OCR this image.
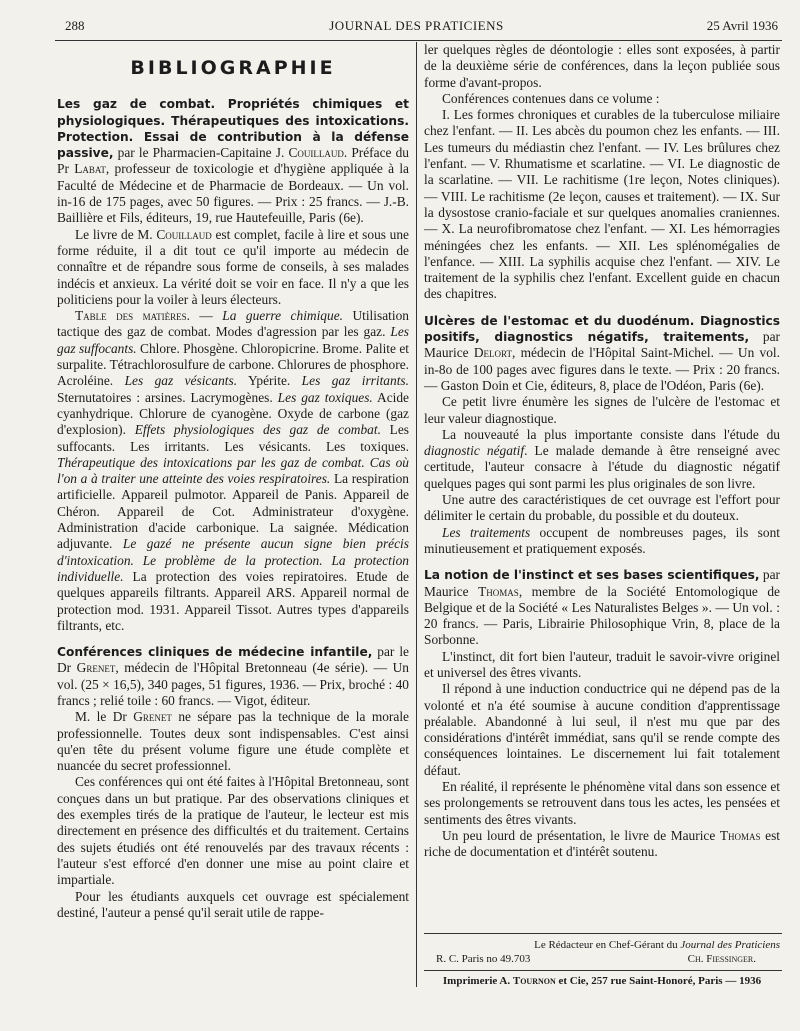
288	JOURNAL DES PRATICIENS	25 Avril 1936
BIBLIOGRAPHIE

Les gaz de combat. Propriétés chimiques et physiologiques. Thérapeutiques des intoxications. Protection. Essai de contribution à la défense passive, par le Pharmacien-Capitaine J. Couillaud. Préface du Pr Labat, professeur de toxicologie et d'hygiène appliquée à la Faculté de Médecine et de Pharmacie de Bordeaux. — Un vol. in-16 de 175 pages, avec 50 figures. — Prix : 25 francs. — J.-B. Baillière et Fils, éditeurs, 19, rue Hautefeuille, Paris (6e).

Le livre de M. Couillaud est complet, facile à lire et sous une forme réduite, il a dit tout ce qu'il importe au médecin de connaître et de répandre sous forme de conseils, à ses malades indécis et anxieux. La vérité doit se voir en face. Il n'y a que les politiciens pour la voiler à leurs électeurs.

Table des matières. — La guerre chimique. Utilisation tactique des gaz de combat. Modes d'agression par les gaz. Les gaz suffocants. Chlore. Phosgène. Chloropicrine. Brome. Palite et surpalite. Tétrachlorosulfure de carbone. Chlorures de phosphore. Acroléine. Les gaz vésicants. Ypérite. Les gaz irritants. Sternutatoires : arsines. Lacrymogènes. Les gaz toxiques. Acide cyanhydrique. Chlorure de cyanogène. Oxyde de carbone (gaz d'explosion). Effets physiologiques des gaz de combat. Les suffocants. Les irritants. Les vésicants. Les toxiques. Thérapeutique des intoxications par les gaz de combat. Cas où l'on a à traiter une atteinte des voies respiratoires. La respiration artificielle. Appareil pulmotor. Appareil de Panis. Appareil de Chéron. Appareil de Cot. Administrateur d'oxygène. Administration d'acide carbonique. La saignée. Médication adjuvante. Le gazé ne présente aucun signe bien précis d'intoxication. Le problème de la protection. La protection individuelle. La protection des voies repiratoires. Etude de quelques appareils filtrants. Appareil ARS. Appareil normal de protection mod. 1931. Appareil Tissot. Autres types d'appareils filtrants, etc.

Conférences cliniques de médecine infantile, par le Dr Grenet, médecin de l'Hôpital Bretonneau (4e série). — Un vol. (25 × 16,5), 340 pages, 51 figures, 1936. — Prix, broché : 40 francs ; relié toile : 60 francs. — Vigot, éditeur.

M. le Dr Grenet ne sépare pas la technique de la morale professionnelle. Toutes deux sont indispensables. C'est ainsi qu'en tête du présent volume figure une étude complète et nuancée du secret professionnel.

Ces conférences qui ont été faites à l'Hôpital Bretonneau, sont conçues dans un but pratique. Par des observations cliniques et des exemples tirés de la pratique de l'auteur, le lecteur est mis directement en présence des difficultés et du traitement. Certains des sujets étudiés ont été renouvelés par des travaux récents : l'auteur s'est efforcé d'en donner une mise au point claire et impartiale.

Pour les étudiants auxquels cet ouvrage est spécialement destiné, l'auteur a pensé qu'il serait utile de rappe-

ler quelques règles de déontologie : elles sont exposées, à partir de la deuxième série de conférences, dans la leçon publiée sous forme d'avant-propos.

Conférences contenues dans ce volume :

I. Les formes chroniques et curables de la tuberculose miliaire chez l'enfant. — II. Les abcès du poumon chez les enfants. — III. Les tumeurs du médiastin chez l'enfant. — IV. Les brûlures chez l'enfant. — V. Rhumatisme et scarlatine. — VI. Le diagnostic de la scarlatine. — VII. Le rachitisme (1re leçon, Notes cliniques). — VIII. Le rachitisme (2e leçon, causes et traitement). — IX. Sur la dysostose cranio-faciale et sur quelques anomalies craniennes. — X. La neurofibromatose chez l'enfant. — XI. Les hémorragies méningées chez les enfants. — XII. Les splénomégalies de l'enfance. — XIII. La syphilis acquise chez l'enfant. — XIV. Le traitement de la syphilis chez l'enfant. Excellent guide en chacun des chapitres.

Ulcères de l'estomac et du duodénum. Diagnostics positifs, diagnostics négatifs, traitements, par Maurice Delort, médecin de l'Hôpital Saint-Michel. — Un vol. in-8o de 100 pages avec figures dans le texte. — Prix : 20 francs. — Gaston Doin et Cie, éditeurs, 8, place de l'Odéon, Paris (6e).

Ce petit livre énumère les signes de l'ulcère de l'estomac et leur valeur diagnostique.

La nouveauté la plus importante consiste dans l'étude du diagnostic négatif. Le malade demande à être renseigné avec certitude, l'auteur consacre à l'étude du diagnostic négatif quelques pages qui sont parmi les plus originales de son livre.

Une autre des caractéristiques de cet ouvrage est l'effort pour délimiter le certain du probable, du possible et du douteux.

Les traitements occupent de nombreuses pages, ils sont minutieusement et pratiquement exposés.

La notion de l'instinct et ses bases scientifiques, par Maurice Thomas, membre de la Société Entomologique de Belgique et de la Société « Les Naturalistes Belges ». — Un vol. : 20 francs. — Paris, Librairie Philosophique Vrin, 8, place de la Sorbonne.

L'instinct, dit fort bien l'auteur, traduit le savoir-vivre originel et universel des êtres vivants.

Il répond à une induction conductrice qui ne dépend pas de la volonté et n'a été soumise à aucune condition d'apprentissage préalable. Abandonné à lui seul, il n'est mu que par des considérations d'intérêt immédiat, sans qu'il se rende compte des conséquences lointaines. Le discernement lui fait totalement défaut.

En réalité, il représente le phénomène vital dans son essence et ses prolongements se retrouvent dans tous les actes, les pensées et sentiments des êtres vivants.

Un peu lourd de présentation, le livre de Maurice Thomas est riche de documentation et d'intérêt soutenu.

Le Rédacteur en Chef-Gérant du Journal des Praticiens
R. C. Paris no 49.703	Ch. Fiessinger.
Imprimerie A. Tournon et Cie, 257 rue Saint-Honoré, Paris — 1936
